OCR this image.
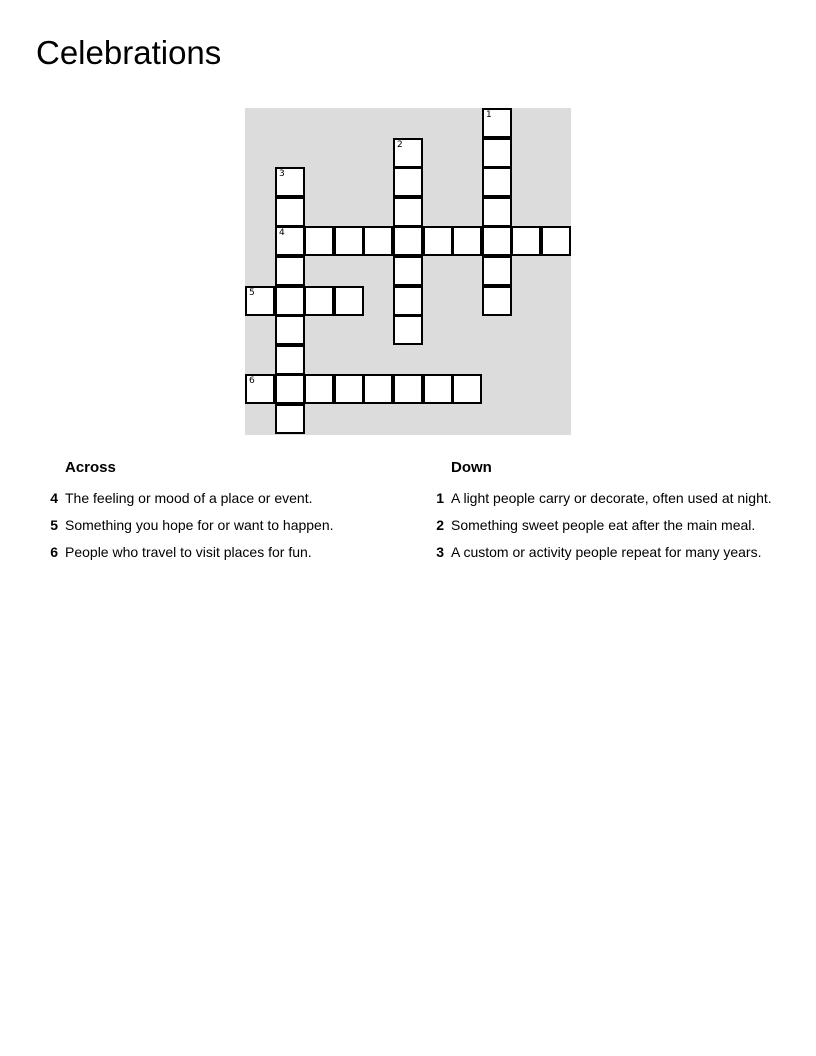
Celebrations
1
2
3
4
5
6
Across
4 The feeling or mood of a place or event.
5 Something you hope for or want to happen.
6 People who travel to visit places for fun.
Down
1 A light people carry or decorate, often used at night.
2 Something sweet people eat after the main meal.
3 A custom or activity people repeat for many years.
